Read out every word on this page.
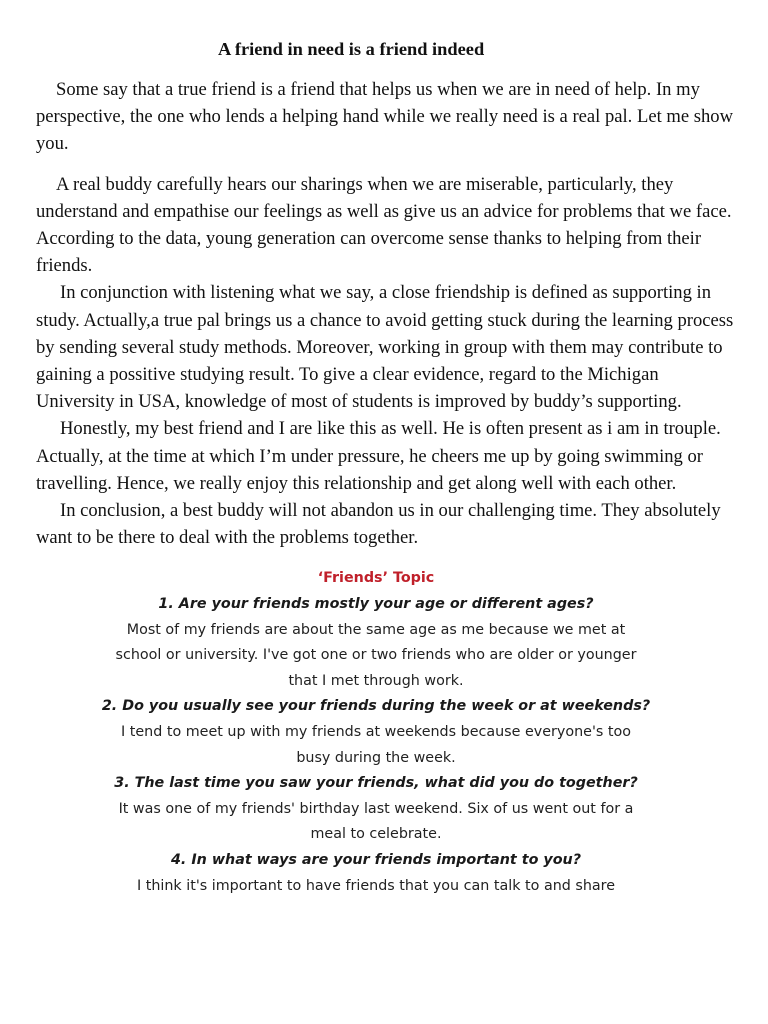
A friend in need is a friend indeed

Some say that a true friend is a friend that helps us when we are in need of help. In my perspective, the one who lends a helping hand while we really need is a real pal. Let me show you.

A real buddy carefully hears our sharings when we are miserable, particularly, they understand and empathise our feelings as well as give us an advice for problems that we face. According to the data, young generation can overcome sense thanks to helping from their friends.

In conjunction with listening what we say, a close friendship is defined as supporting in study. Actually,a true pal brings us a chance to avoid getting stuck during the learning process by sending several study methods. Moreover, working in group with them may contribute to gaining a possitive studying result. To give a clear evidence, regard to the Michigan University in USA, knowledge of most of students is improved by buddy’s supporting.

Honestly, my best friend and I are like this as well. He is often present as i am in trouple. Actually, at the time at which I’m under pressure, he cheers me up by going swimming or travelling. Hence, we really enjoy this relationship and get along well with each other.

In conclusion, a best buddy will not abandon us in our challenging time. They absolutely want to be there to deal with the problems together.

‘Friends’ Topic

1. Are your friends mostly your age or different ages?

Most of my friends are about the same age as me because we met at school or university. I've got one or two friends who are older or younger that I met through work.

2. Do you usually see your friends during the week or at weekends?

I tend to meet up with my friends at weekends because everyone's too busy during the week.

3. The last time you saw your friends, what did you do together?

It was one of my friends' birthday last weekend. Six of us went out for a meal to celebrate.

4. In what ways are your friends important to you?

I think it's important to have friends that you can talk to and share
